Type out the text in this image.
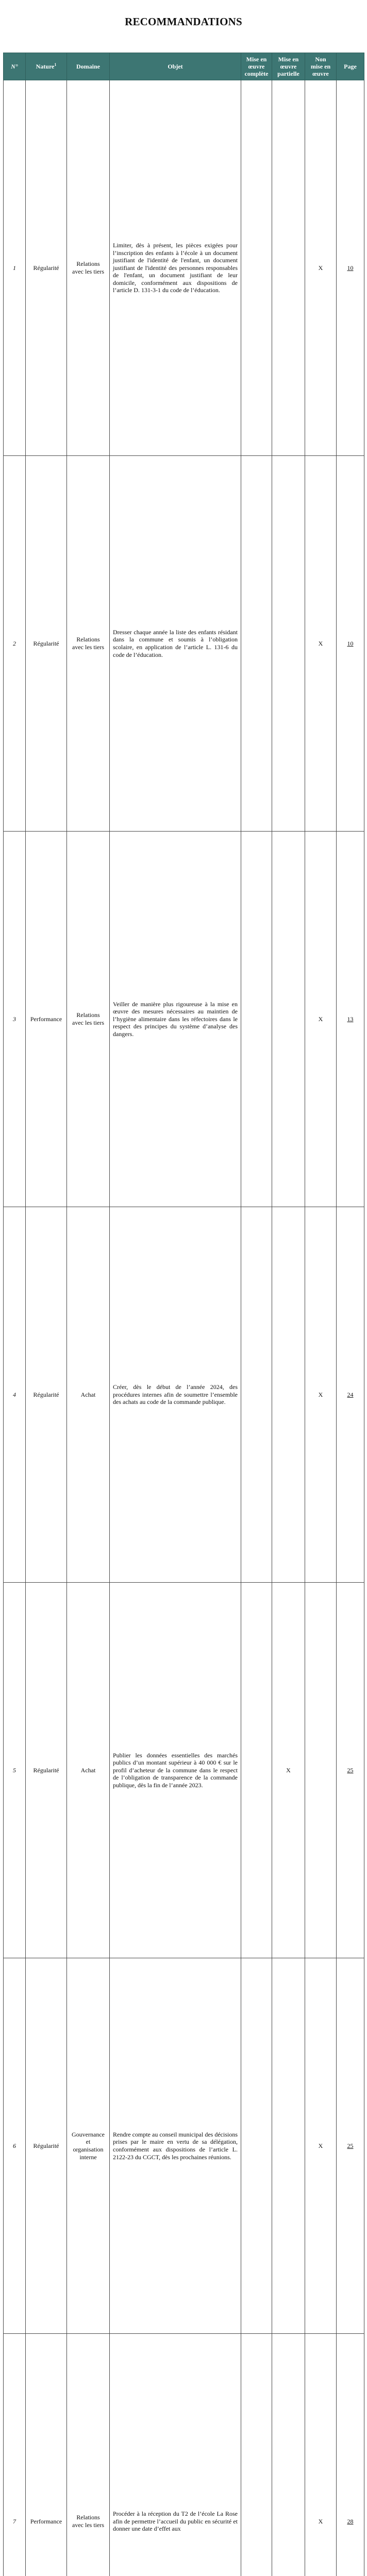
RECOMMANDATIONS
N°	Nature$^1$	Domaine	Objet	Mise en
œuvre
complète	Mise en
œuvre
partielle	Non
mise en
œuvre	Page
1	Régularité	Relations
avec les tiers	Limiter, dès à présent, les pièces exigées pour l’inscription des enfants à l’école à un document justifiant de l'identité de l'enfant, un document justifiant de l'identité des personnes responsables de l'enfant, un document justifiant de leur domicile, conformément aux dispositions de l’article D. 131-3-1 du code de l’éducation.			X	10
2	Régularité	Relations
avec les tiers	Dresser chaque année la liste des enfants résidant dans la commune et soumis à l’obligation scolaire, en application de l’article L. 131-6 du code de l’éducation.			X	10
3	Performance	Relations
avec les tiers	Veiller de manière plus rigoureuse à la mise en œuvre des mesures nécessaires au maintien de l’hygiène alimentaire dans les réfectoires dans le respect des principes du système d’analyse des dangers.			X	13
4	Régularité	Achat	Créer, dès le début de l’année 2024, des procédures internes afin de soumettre l’ensemble des achats au code de la commande publique.			X	24
5	Régularité	Achat	Publier les données essentielles des marchés publics d’un montant supérieur à 40 000 € sur le profil d’acheteur de la commune dans le respect de l’obligation de transparence de la commande publique, dès la fin de l’année 2023.		X		25
6	Régularité	Gouvernance
et
organisation
interne	Rendre compte au conseil municipal des décisions prises par le maire en vertu de sa délégation, conformément aux dispositions de l’article L. 2122-23 du CGCT, dès les prochaines réunions.			X	25
7	Performance	Relations
avec les tiers	Procéder à la réception du T2 de l’école La Rose afin de permettre l’accueil du public en sécurité et donner une date d’effet aux			X	28
